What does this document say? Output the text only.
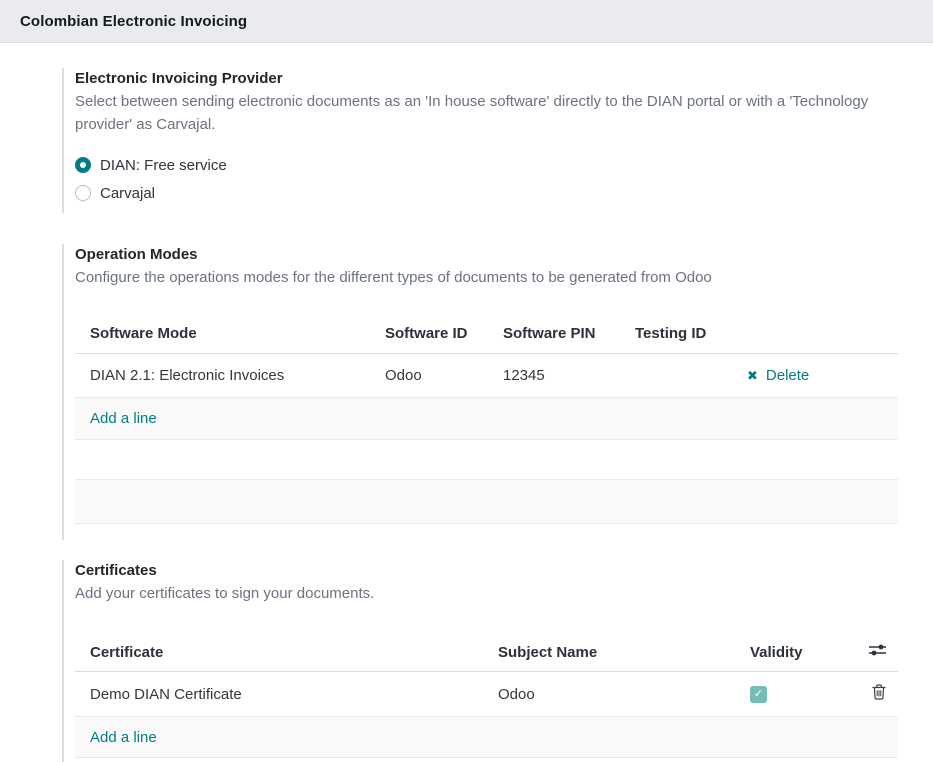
Colombian Electronic Invoicing
Electronic Invoicing Provider
Select between sending electronic documents as an 'In house software' directly to the DIAN portal or with a 'Technology provider' as Carvajal.
DIAN: Free service
Carvajal
Operation Modes
Configure the operations modes for the different types of documents to be generated from Odoo
Software Mode	Software ID	Software PIN	Testing ID	
DIAN 2.1: Electronic Invoices	Odoo	12345		✖ Delete

Add a line				

Certificates
Add your certificates to sign your documents.
Certificate	Subject Name	Validity	

Demo DIAN Certificate	Odoo	✓

Add a line			
